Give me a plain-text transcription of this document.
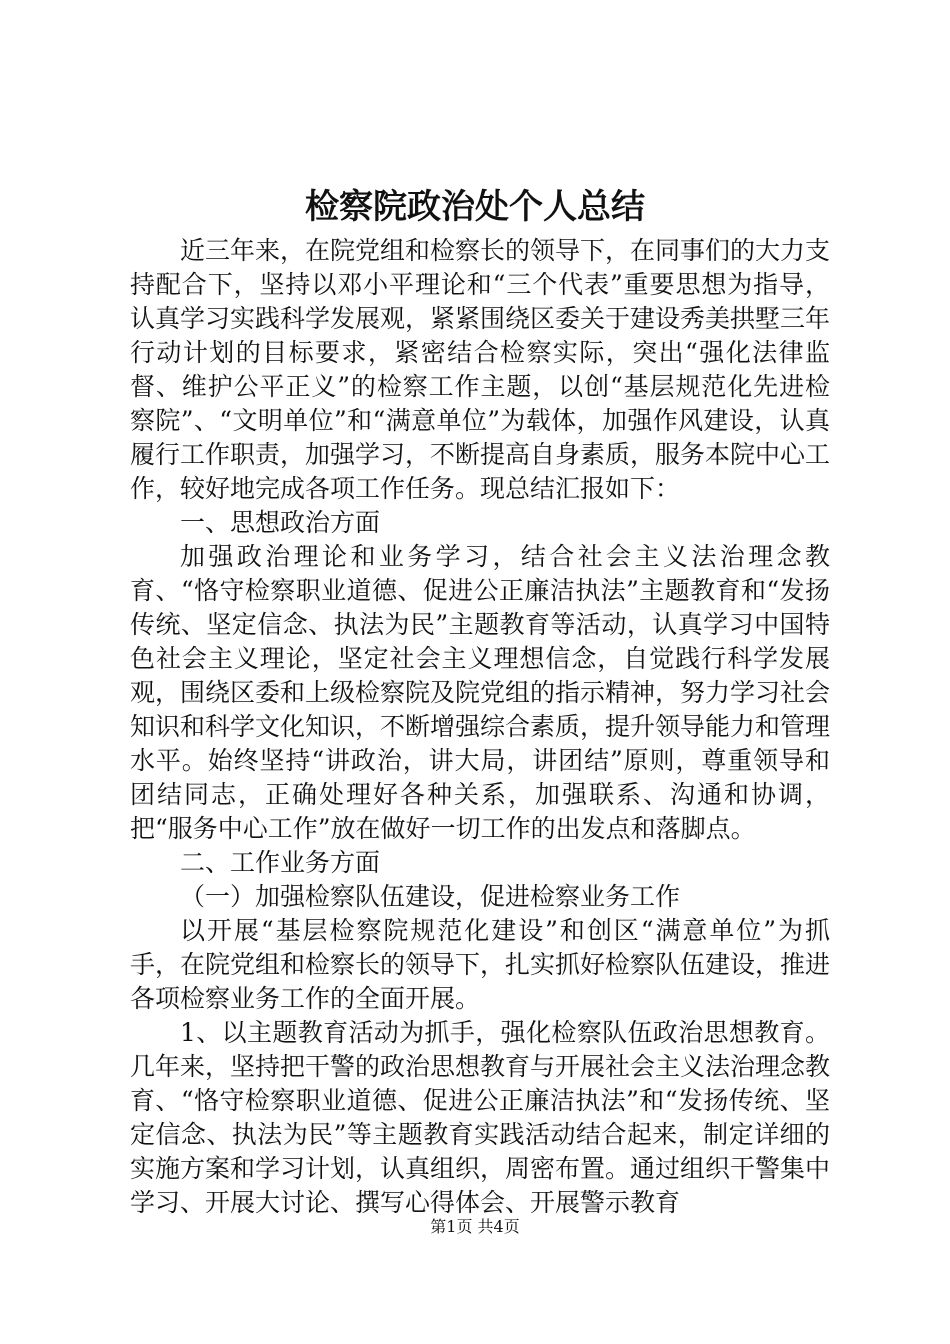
检察院政治处个人总结

近三年来，在院党组和检察长的领导下，在同事们的大力支持配合下，坚持以邓小平理论和“三个代表”重要思想为指导，认真学习实践科学发展观，紧紧围绕区委关于建设秀美拱墅三年行动计划的目标要求，紧密结合检察实际，突出“强化法律监督、维护公平正义”的检察工作主题，以创“基层规范化先进检察院”、“文明单位”和“满意单位”为载体，加强作风建设，认真履行工作职责，加强学习，不断提高自身素质，服务本院中心工作，较好地完成各项工作任务。现总结汇报如下：

一、思想政治方面

加强政治理论和业务学习，结合社会主义法治理念教育、“恪守检察职业道德、促进公正廉洁执法”主题教育和“发扬传统、坚定信念、执法为民”主题教育等活动，认真学习中国特色社会主义理论，坚定社会主义理想信念，自觉践行科学发展观，围绕区委和上级检察院及院党组的指示精神，努力学习社会知识和科学文化知识，不断增强综合素质，提升领导能力和管理水平。始终坚持“讲政治，讲大局，讲团结”原则，尊重领导和团结同志，正确处理好各种关系，加强联系、沟通和协调，把“服务中心工作”放在做好一切工作的出发点和落脚点。

二、工作业务方面

（一）加强检察队伍建设，促进检察业务工作

以开展“基层检察院规范化建设”和创区“满意单位”为抓手，在院党组和检察长的领导下，扎实抓好检察队伍建设，推进各项检察业务工作的全面开展。

1、以主题教育活动为抓手，强化检察队伍政治思想教育。几年来，坚持把干警的政治思想教育与开展社会主义法治理念教育、“恪守检察职业道德、促进公正廉洁执法”和“发扬传统、坚定信念、执法为民”等主题教育实践活动结合起来，制定详细的实施方案和学习计划，认真组织，周密布置。通过组织干警集中学习、开展大讨论、撰写心得体会、开展警示教育

第1页 共4页
